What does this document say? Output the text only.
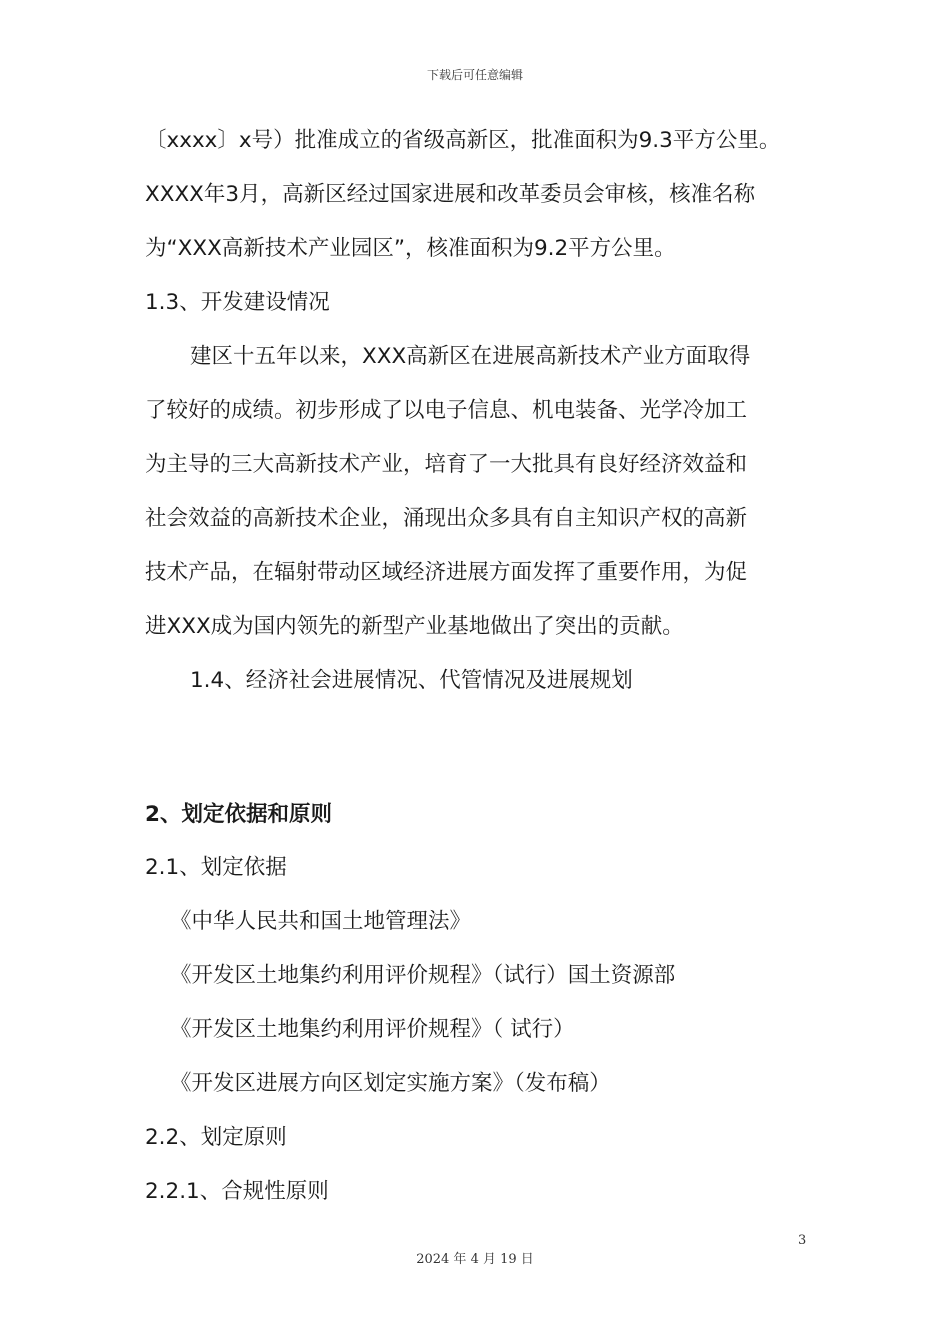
下载后可任意编辑
〔xxxx〕x号）批准成立的省级高新区，批准面积为9.3平方公里。
XXXX年3月，高新区经过国家进展和改革委员会审核，核准名称
为“XXX高新技术产业园区”，核准面积为9.2平方公里。
1.3、开发建设情况
建区十五年以来，XXX高新区在进展高新技术产业方面取得
了较好的成绩。初步形成了以电子信息、机电装备、光学冷加工
为主导的三大高新技术产业，培育了一大批具有良好经济效益和
社会效益的高新技术企业，涌现出众多具有自主知识产权的高新
技术产品，在辐射带动区域经济进展方面发挥了重要作用，为促
进XXX成为国内领先的新型产业基地做出了突出的贡献。
1.4、经济社会进展情况、代管情况及进展规划
2、划定依据和原则
2.1、划定依据
《中华人民共和国土地管理法》
《开发区土地集约利用评价规程》（试行）国土资源部
《开发区土地集约利用评价规程》（ 试行）
《开发区进展方向区划定实施方案》（发布稿）
2.2、划定原则
2.2.1、合规性原则
3
2024 年 4 月 19 日
